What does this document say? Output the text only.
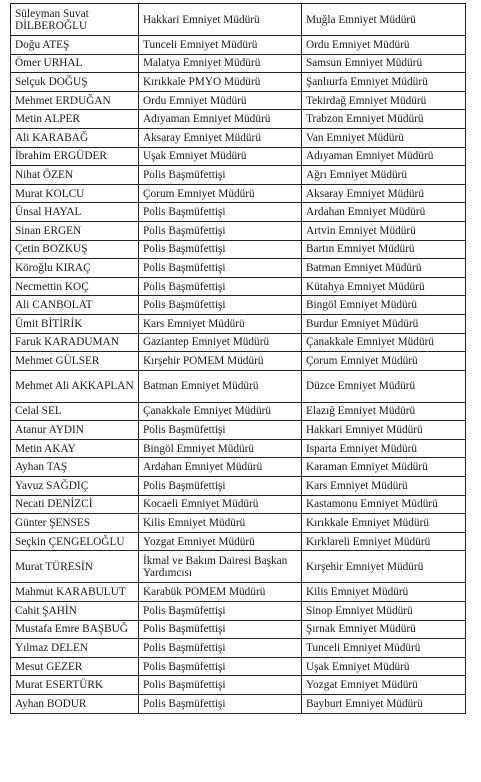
Süleyman Suvat DİLBEROĞLU	Hakkari Emniyet Müdürü	Muğla Emniyet Müdürü
Doğu ATEŞ	Tunceli Emniyet Müdürü	Ordu Emniyet Müdürü
Ömer URHAL	Malatya Emniyet Müdürü	Samsun Emniyet Müdürü
Selçuk DOĞUŞ	Kırıkkale PMYO Müdürü	Şanlıurfa Emniyet Müdürü
Mehmet ERDUĞAN	Ordu Emniyet Müdürü	Tekirdağ Emniyet Müdürü
Metin ALPER	Adıyaman Emniyet Müdürü	Trabzon Emniyet Müdürü
Ali KARABAĞ	Aksaray Emniyet Müdürü	Van Emniyet Müdürü
İbrahim ERGÜDER	Uşak Emniyet Müdürü	Adıyaman Emniyet Müdürü
Nihat ÖZEN	Polis Başmüfettişi	Ağrı Emniyet Müdürü
Murat KOLCU	Çorum Emniyet Müdürü	Aksaray Emniyet Müdürü
Ünsal HAYAL	Polis Başmüfettişi	Ardahan Emniyet Müdürü
Sinan ERGEN	Polis Başmüfettişi	Artvin Emniyet Müdürü
Çetin BOZKUŞ	Polis Başmüfettişi	Bartın Emniyet Müdürü
Köroğlu KIRAÇ	Polis Başmüfettişi	Batman Emniyet Müdürü
Necmettin KOÇ	Polis Başmüfettişi	Kütahya Emniyet Müdürü
Ali CANBOLAT	Polis Başmüfettişi	Bingöl Emniyet Müdürü
Ümit BİTİRİK	Kars Emniyet Müdürü	Burdur Emniyet Müdürü
Faruk KARADUMAN	Gaziantep Emniyet Müdürü	Çanakkale Emniyet Müdürü
Mehmet GÜLSER	Kırşehir POMEM Müdürü	Çorum Emniyet Müdürü
Mehmet Ali AKKAPLAN	Batman Emniyet Müdürü	Düzce Emniyet Müdürü
Celal SEL	Çanakkale Emniyet Müdürü	Elazığ Emniyet Müdürü
Atanur AYDIN	Polis Başmüfettişi	Hakkari Emniyet Müdürü
Metin AKAY	Bingöl Emniyet Müdürü	Isparta Emniyet Müdürü
Ayhan TAŞ	Ardahan Emniyet Müdürü	Karaman Emniyet Müdürü
Yavuz SAĞDIÇ	Polis Başmüfettişi	Kars Emniyet Müdürü
Necati DENİZCİ	Kocaeli Emniyet Müdürü	Kastamonu Emniyet Müdürü
Günter ŞENSES	Kilis Emniyet Müdürü	Kırıkkale Emniyet Müdürü
Seçkin ÇENGELOĞLU	Yozgat Emniyet Müdürü	Kırklareli Emniyet Müdürü
Murat TÜRESİN	İkmal ve Bakım Dairesi Başkan Yardımcısı	Kırşehir Emniyet Müdürü
Mahmut KARABULUT	Karabük POMEM Müdürü	Kilis Emniyet Müdürü
Cahit ŞAHİN	Polis Başmüfettişi	Sinop Emniyet Müdürü
Mustafa Emre BAŞBUĞ	Polis Başmüfettişi	Şırnak Emniyet Müdürü
Yılmaz DELEN	Polis Başmüfettişi	Tunceli Emniyet Müdürü
Mesut GEZER	Polis Başmüfettişi	Uşak Emniyet Müdürü
Murat ESERTÜRK	Polis Başmüfettişi	Yozgat Emniyet Müdürü
Ayhan BODUR	Polis Başmüfettişi	Bayburt Emniyet Müdürü
